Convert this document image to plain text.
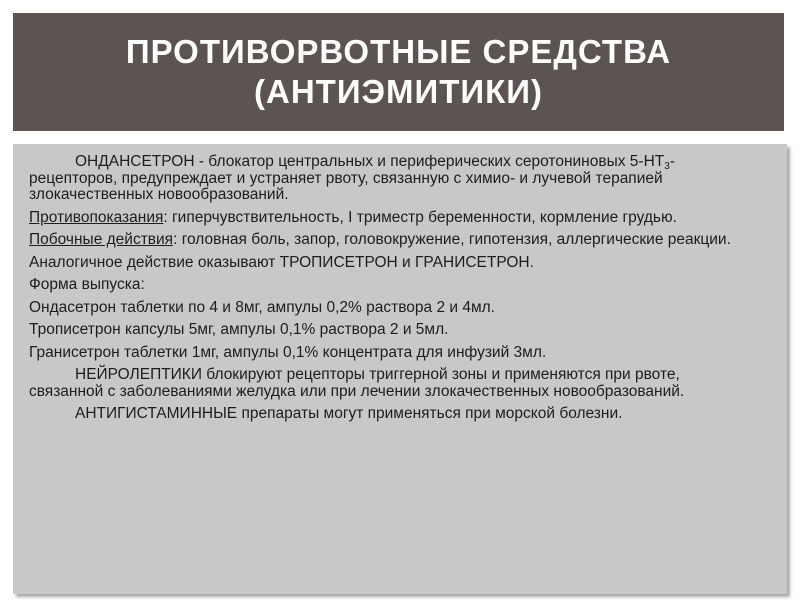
ПРОТИВОРВОТНЫЕ СРЕДСТВА
(АНТИЭМИТИКИ)

ОНДАНСЕТРОН - блокатор центральных и периферических серотониновых $5-НТ_3$-рецепторов, предупреждает и устраняет рвоту, связанную с химио- и лучевой терапией злокачественных новообразований.

Противопоказания: гиперчувствительность, I триместр беременности, кормление грудью.

Побочные действия: головная боль, запор, головокружение, гипотензия, аллергические реакции.

Аналогичное действие оказывают ТРОПИСЕТРОН и ГРАНИСЕТРОН.

Форма выпуска:

Ондасетрон таблетки по 4 и 8мг, ампулы 0,2% раствора 2 и 4мл.

Трописетрон капсулы 5мг, ампулы 0,1% раствора 2 и 5мл.

Гранисетрон таблетки 1мг, ампулы 0,1% концентрата для инфузий 3мл.

НЕЙРОЛЕПТИКИ блокируют рецепторы триггерной зоны и применяются при рвоте, связанной с заболеваниями желудка или при лечении злокачественных новообразований.

АНТИГИСТАМИННЫЕ препараты могут применяться при морской болезни.
